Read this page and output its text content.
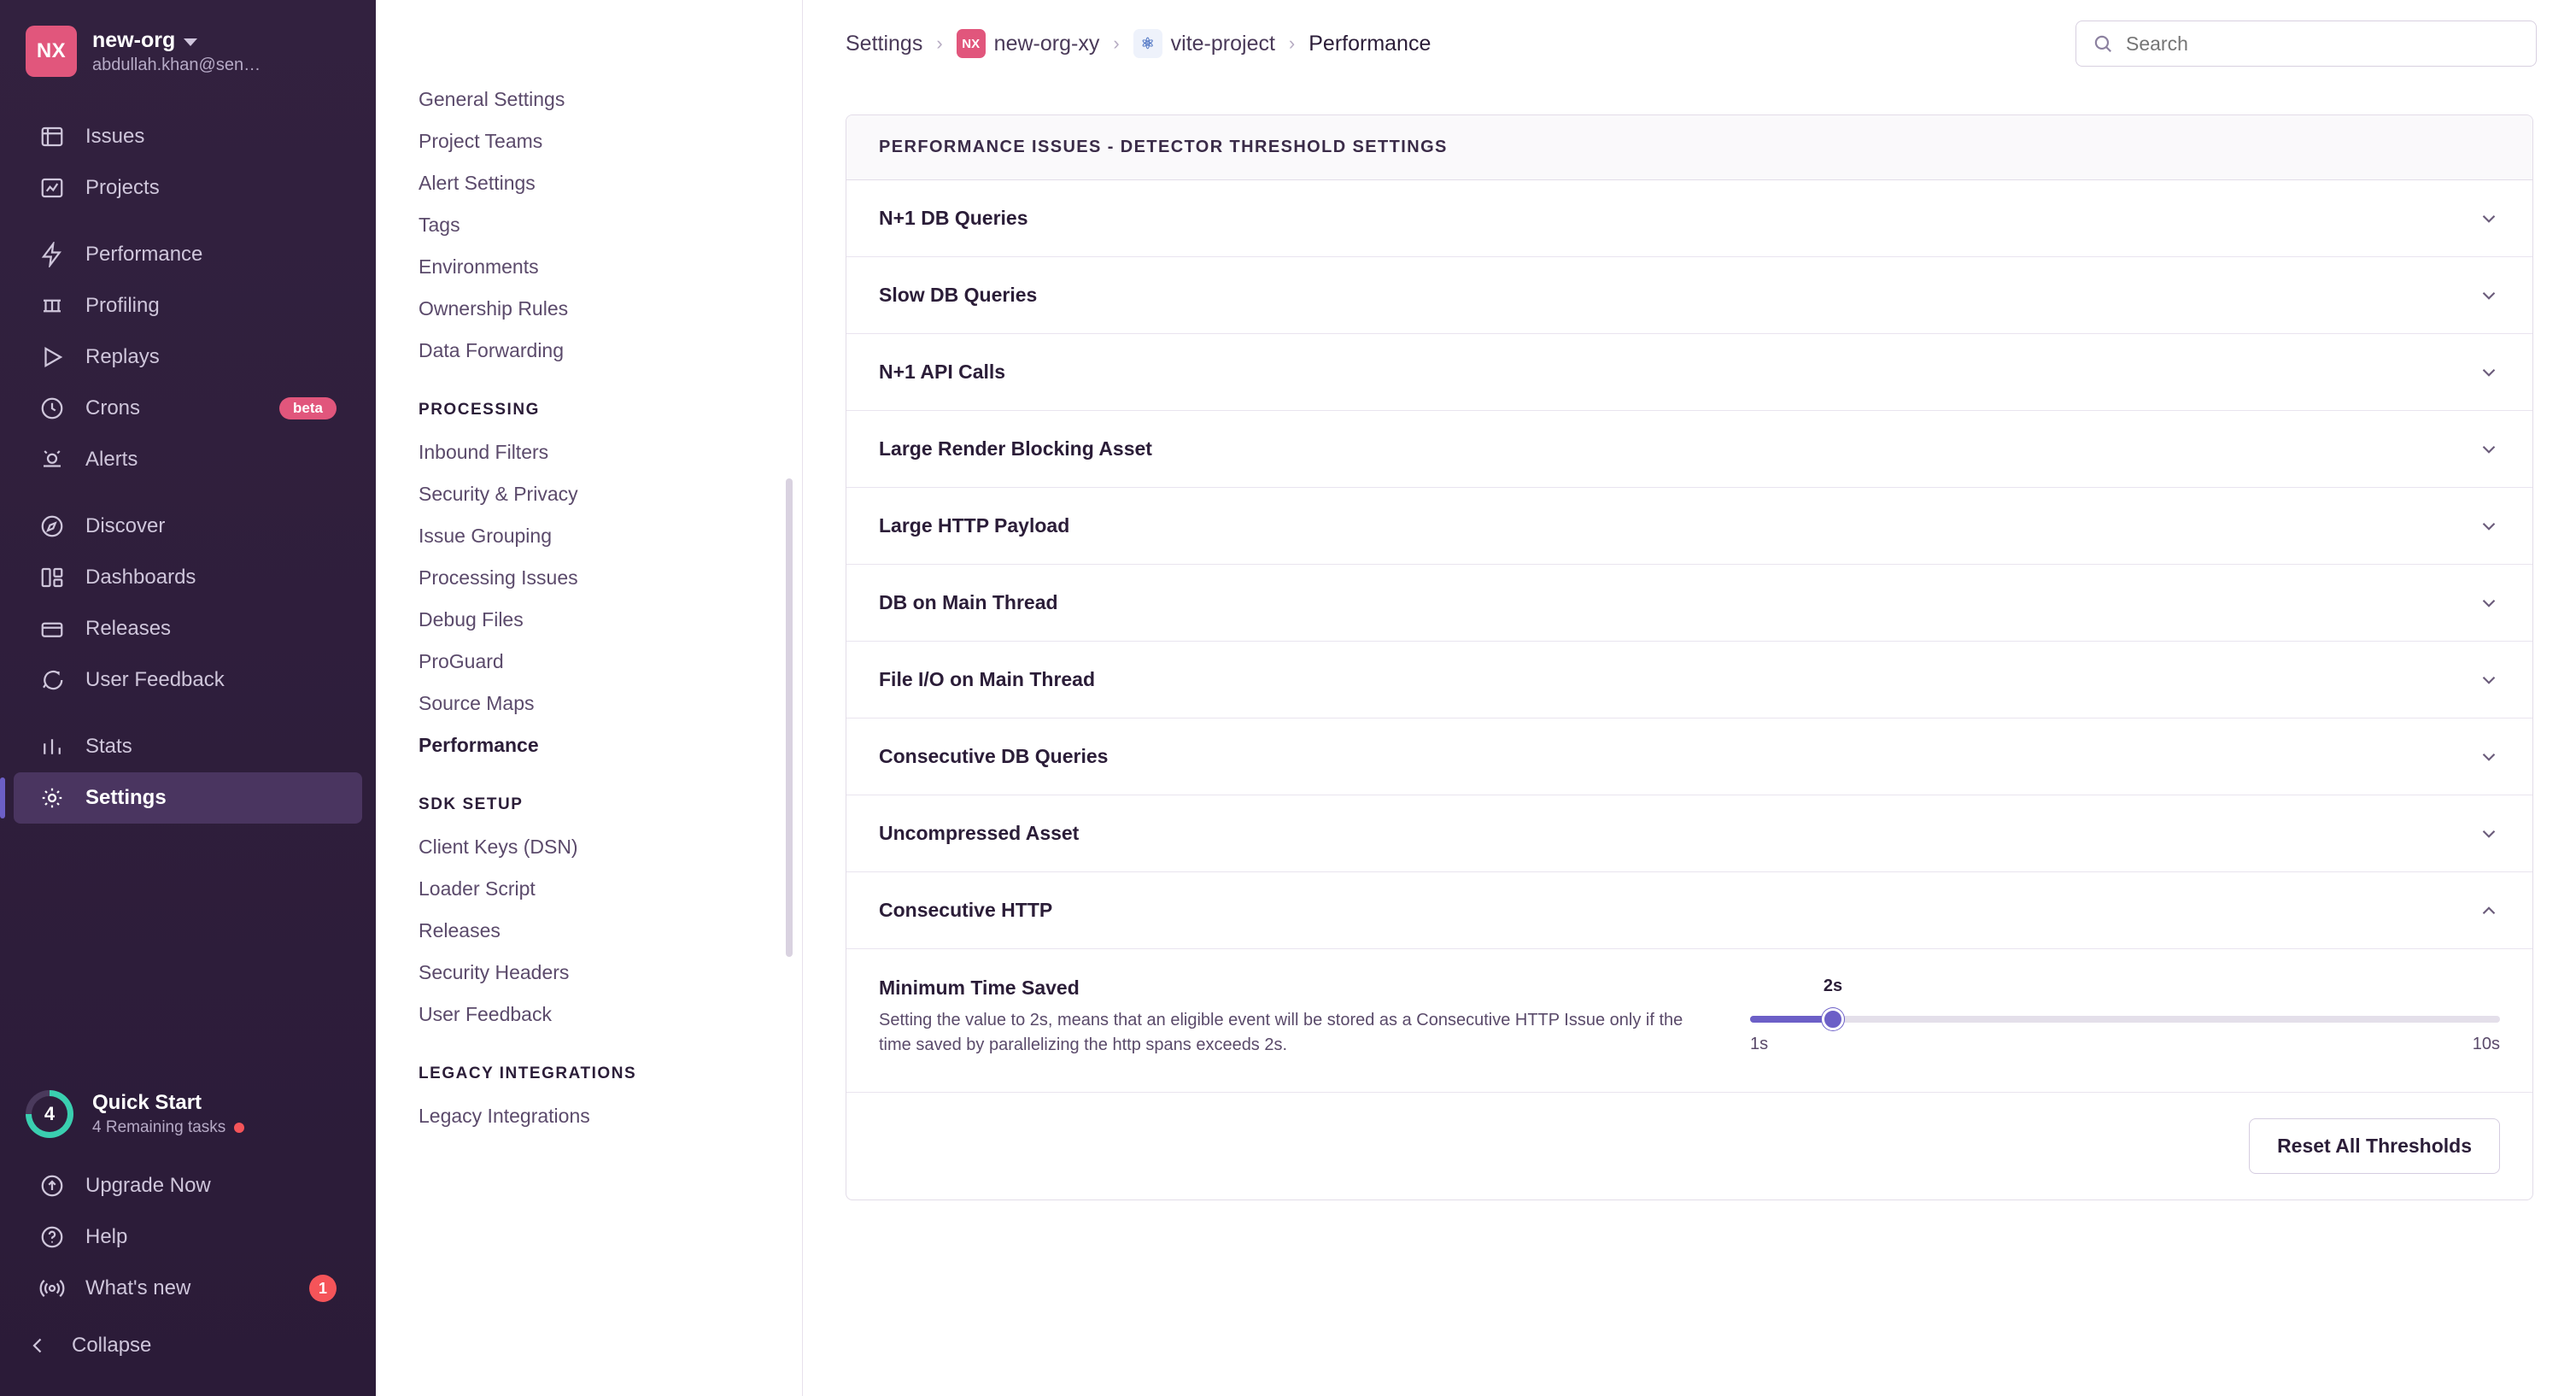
NX	new-org
abdullah.khan@sen…
Issues
Projects
Performance
Profiling
Replays
Crons	beta
Alerts
Discover
Dashboards
Releases
User Feedback
Stats
Settings
4	Quick Start
4 Remaining tasks
Upgrade Now
Help
What's new	1
Collapse
General Settings
Project Teams
Alert Settings
Tags
Environments
Ownership Rules
Data Forwarding
PROCESSING
Inbound Filters
Security & Privacy
Issue Grouping
Processing Issues
Debug Files
ProGuard
Source Maps
Performance
SDK SETUP
Client Keys (DSN)
Loader Script
Releases
Security Headers
User Feedback
LEGACY INTEGRATIONS
Legacy Integrations
Settings ›	NX new-org-xy ›	⚛ vite-project › Performance
Search
PERFORMANCE ISSUES - DETECTOR THRESHOLD SETTINGS
N+1 DB Queries
Slow DB Queries
N+1 API Calls
Large Render Blocking Asset
Large HTTP Payload
DB on Main Thread
File I/O on Main Thread
Consecutive DB Queries
Uncompressed Asset
Consecutive HTTP
Minimum Time Saved
Setting the value to 2s, means that an eligible event will be stored as a Consecutive HTTP Issue only if the time saved by parallelizing the http spans exceeds 2s.
2s
1s	10s
Reset All Thresholds
